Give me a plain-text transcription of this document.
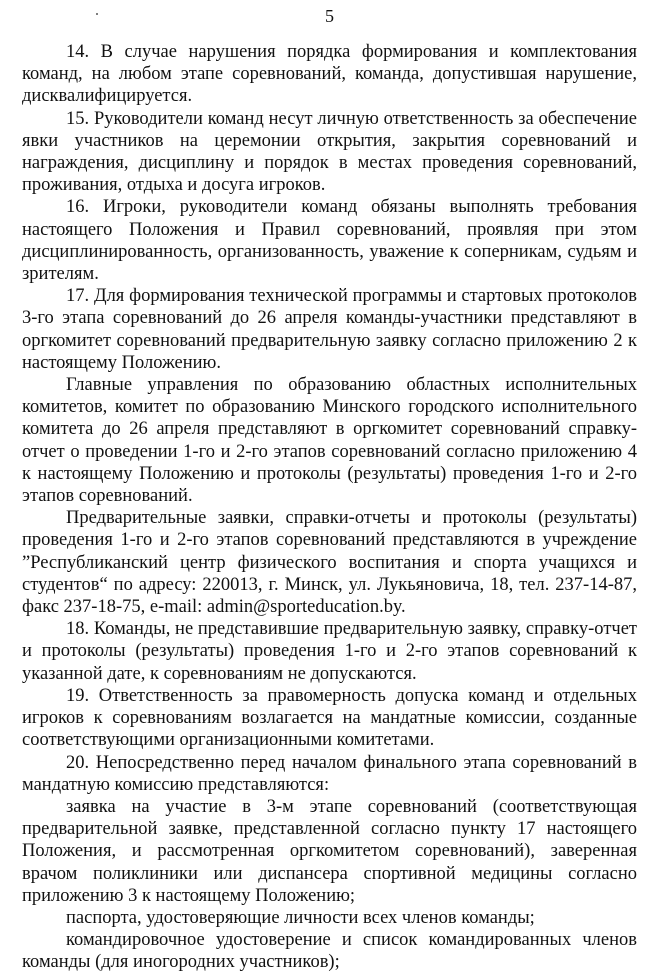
5

14. В случае нарушения порядка формирования и комплектования команд, на любом этапе соревнований, команда, допустившая нарушение, дисквалифицируется.

15. Руководители команд несут личную ответственность за обеспечение явки участников на церемонии открытия, закрытия соревнований и награждения, дисциплину и порядок в местах проведения соревнований, проживания, отдыха и досуга игроков.

16. Игроки, руководители команд обязаны выполнять требования настоящего Положения и Правил соревнований, проявляя при этом дисциплинированность, организованность, уважение к соперникам, судьям и зрителям.

17. Для формирования технической программы и стартовых протоколов 3-го этапа соревнований до 26 апреля команды-участники представляют в оргкомитет соревнований предварительную заявку согласно приложению 2 к настоящему Положению.

Главные управления по образованию областных исполнительных комитетов, комитет по образованию Минского городского исполнительного комитета до 26 апреля представляют в оргкомитет соревнований справку-отчет о проведении 1-го и 2-го этапов соревнований согласно приложению 4 к настоящему Положению и протоколы (результаты) проведения 1-го и 2-го этапов соревнований.

Предварительные заявки, справки-отчеты и протоколы (результаты) проведения 1-го и 2-го этапов соревнований представляются в учреждение ”Республиканский центр физического воспитания и спорта учащихся и студентов“ по адресу: 220013, г. Минск, ул. Лукьяновича, 18, тел. 237-14-87, факс 237-18-75, e-mail: admin@sporteducation.by.

18. Команды, не представившие предварительную заявку, справку-отчет и протоколы (результаты) проведения 1-го и 2-го этапов соревнований к указанной дате, к соревнованиям не допускаются.

19. Ответственность за правомерность допуска команд и отдельных игроков к соревнованиям возлагается на мандатные комиссии, созданные соответствующими организационными комитетами.

20. Непосредственно перед началом финального этапа соревнований в мандатную комиссию представляются:

заявка на участие в 3-м этапе соревнований (соответствующая предварительной заявке, представленной согласно пункту 17 настоящего Положения, и рассмотренная оргкомитетом соревнований), заверенная врачом поликлиники или диспансера спортивной медицины согласно приложению 3 к настоящему Положению;

паспорта, удостоверяющие личности всех членов команды;

командировочное удостоверение и список командированных членов команды (для иногородних участников);
